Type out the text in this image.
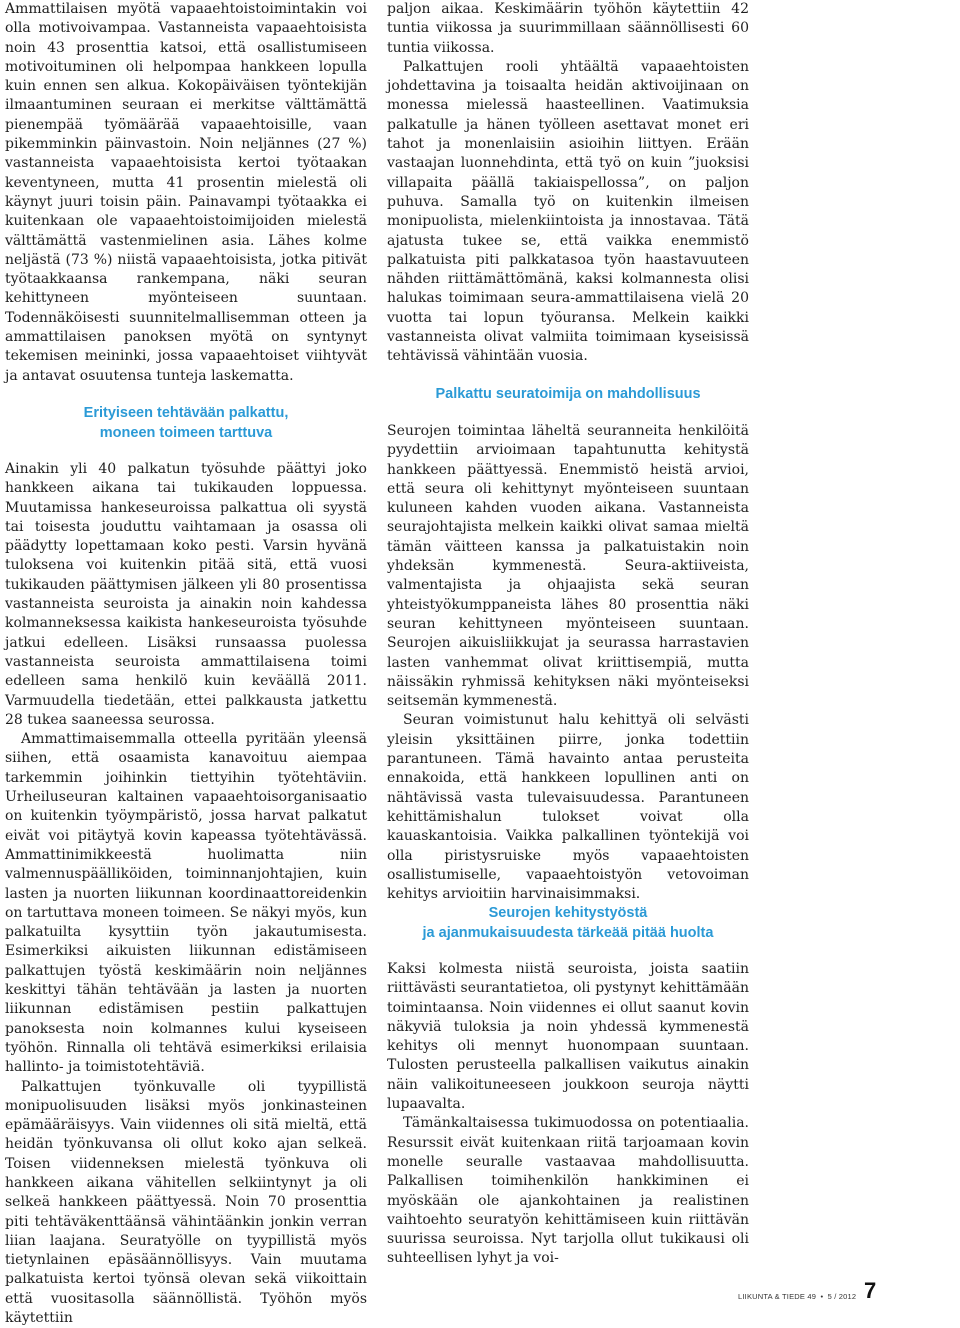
Ammattilaisen myötä vapaaehtoistoimintakin voi olla motivoivampaa. Vastanneista vapaaehtoisista noin 43 prosenttia katsoi, että osallistumiseen motivoituminen oli helpompaa hankkeen lopulla kuin ennen sen alkua. Kokopäiväisen työntekijän ilmaantuminen seuraan ei merkitse välttämättä pienempää työmäärää vapaaehtoisille, vaan pikemminkin päinvastoin. Noin neljännes (27 %) vastanneista vapaaehtoisista kertoi työtaakan keventyneen, mutta 41 prosentin mielestä oli käynyt juuri toisin päin. Painavampi työtaakka ei kuitenkaan ole vapaaehtoistoimijoiden mielestä välttämättä vastenmielinen asia. Lähes kolme neljästä (73 %) niistä vapaaehtoisista, jotka pitivät työtaakkaansa rankempana, näki seuran kehittyneen myönteiseen suuntaan. Todennäköisesti suunnitelmallisemman otteen ja ammattilaisen panoksen myötä on syntynyt tekemisen meininki, jossa vapaaehtoiset viihtyvät ja antavat osuutensa tunteja laskematta.

Erityiseen tehtävään palkattu,
moneen toimeen tarttuva

Ainakin yli 40 palkatun työsuhde päättyi joko hankkeen aikana tai tukikauden loppuessa. Muutamissa hankeseuroissa palkattua oli syystä tai toisesta jouduttu vaihtamaan ja osassa oli päädytty lopettamaan koko pesti. Varsin hyvänä tuloksena voi kuitenkin pitää sitä, että vuosi tukikauden päättymisen jälkeen yli 80 prosentissa vastanneista seuroista ja ainakin noin kahdessa kolmanneksessa kaikista hankeseuroista työsuhde jatkui edelleen. Lisäksi runsaassa puolessa vastanneista seuroista ammattilaisena toimi edelleen sama henkilö kuin keväällä 2011. Varmuudella tiedetään, ettei palkkausta jatkettu 28 tukea saaneessa seurossa.

Ammattimaisemmalla otteella pyritään yleensä siihen, että osaamista kanavoituu aiempaa tarkemmin joihinkin tiettyihin työtehtäviin. Urheiluseuran kaltainen vapaaehtoisorganisaatio on kuitenkin työympäristö, jossa harvat palkatut eivät voi pitäytyä kovin kapeassa työtehtävässä. Ammattinimikkeestä huolimatta niin valmennuspäälliköiden, toiminnanjohtajien, kuin lasten ja nuorten liikunnan koordinaattoreidenkin on tartuttava moneen toimeen. Se näkyi myös, kun palkatuilta kysyttiin työn jakautumisesta. Esimerkiksi aikuisten liikunnan edistämiseen palkattujen työstä keskimäärin noin neljännes keskittyi tähän tehtävään ja lasten ja nuorten liikunnan edistämisen pestiin palkattujen panoksesta noin kolmannes kului kyseiseen työhön. Rinnalla oli tehtävä esimerkiksi erilaisia hallinto- ja toimistotehtäviä.

Palkattujen työnkuvalle oli tyypillistä monipuolisuuden lisäksi myös jonkinasteinen epämääräisyys. Vain viidennes oli sitä mieltä, että heidän työnkuvansa oli ollut koko ajan selkeä. Toisen viidenneksen mielestä työnkuva oli hankkeen aikana vähitellen selkiintynyt ja oli selkeä hankkeen päättyessä. Noin 70 prosenttia piti tehtäväkenttäänsä vähintäänkin jonkin verran liian laajana. Seuratyölle on tyypillistä myös tietynlainen epäsäännöllisyys. Vain muutama palkatuista kertoi työnsä olevan sekä viikoittain että vuositasolla säännöllistä. Työhön myös käytettiin

paljon aikaa. Keskimäärin työhön käytettiin 42 tuntia viikossa ja suurimmillaan säännöllisesti 60 tuntia viikossa.

Palkattujen rooli yhtäältä vapaaehtoisten johdettavina ja toisaalta heidän aktivoijinaan on monessa mielessä haasteellinen. Vaatimuksia palkatulle ja hänen työlleen asettavat monet eri tahot ja monenlaisiin asioihin liittyen. Erään vastaajan luonnehdinta, että työ on kuin ”juoksisi villapaita päällä takiaispellossa”, on paljon puhuva. Samalla työ on kuitenkin ilmeisen monipuolista, mielenkiintoista ja innostavaa. Tätä ajatusta tukee se, että vaikka enemmistö palkatuista piti palkkatasoa työn haastavuuteen nähden riittämättömänä, kaksi kolmannesta olisi halukas toimimaan seura-ammattilaisena vielä 20 vuotta tai lopun työuransa. Melkein kaikki vastanneista olivat valmiita toimimaan kyseisissä tehtävissä vähintään vuosia.

Palkattu seuratoimija on mahdollisuus

Seurojen toimintaa läheltä seuranneita henkilöitä pyydettiin arvioimaan tapahtunutta kehitystä hankkeen päättyessä. Enemmistö heistä arvioi, että seura oli kehittynyt myönteiseen suuntaan kuluneen kahden vuoden aikana. Vastanneista seurajohtajista melkein kaikki olivat samaa mieltä tämän väitteen kanssa ja palkatuistakin noin yhdeksän kymmenestä. Seura-aktiiveista, valmentajista ja ohjaajista sekä seuran yhteistyökumppaneista lähes 80 prosenttia näki seuran kehittyneen myönteiseen suuntaan. Seurojen aikuisliikkujat ja seurassa harrastavien lasten vanhemmat olivat kriittisempiä, mutta näissäkin ryhmissä kehityksen näki myönteiseksi seitsemän kymmenestä.

Seuran voimistunut halu kehittyä oli selvästi yleisin yksittäinen piirre, jonka todettiin parantuneen. Tämä havainto antaa perusteita ennakoida, että hankkeen lopullinen anti on nähtävissä vasta tulevaisuudessa. Parantuneen kehittämishalun tulokset voivat olla kauaskantoisia. Vaikka palkallinen työntekijä voi olla piristysruiske myös vapaaehtoisten osallistumiselle, vapaaehtoistyön vetovoiman kehitys arvioitiin harvinaisimmaksi.

Seurojen kehitystyöstä
ja ajanmukaisuudesta tärkeää pitää huolta

Kaksi kolmesta niistä seuroista, joista saatiin riittävästi seurantatietoa, oli pystynyt kehittämään toimintaansa. Noin viidennes ei ollut saanut kovin näkyviä tuloksia ja noin yhdessä kymmenestä kehitys oli mennyt huonompaan suuntaan. Tulosten perusteella palkallisen vaikutus ainakin näin valikoituneeseen joukkoon seuroja näytti lupaavalta.

Tämänkaltaisessa tukimuodossa on potentiaalia. Resurssit eivät kuitenkaan riitä tarjoamaan kovin monelle seuralle vastaavaa mahdollisuutta. Palkallisen toimihenkilön hankkiminen ei myöskään ole ajankohtainen ja realistinen vaihtoehto seuratyön kehittämiseen kuin riittävän suurissa seuroissa. Nyt tarjolla ollut tukikausi oli suhteellisen lyhyt ja voi-

LIIKUNTA & TIEDE 49 • 5 / 2012 7
